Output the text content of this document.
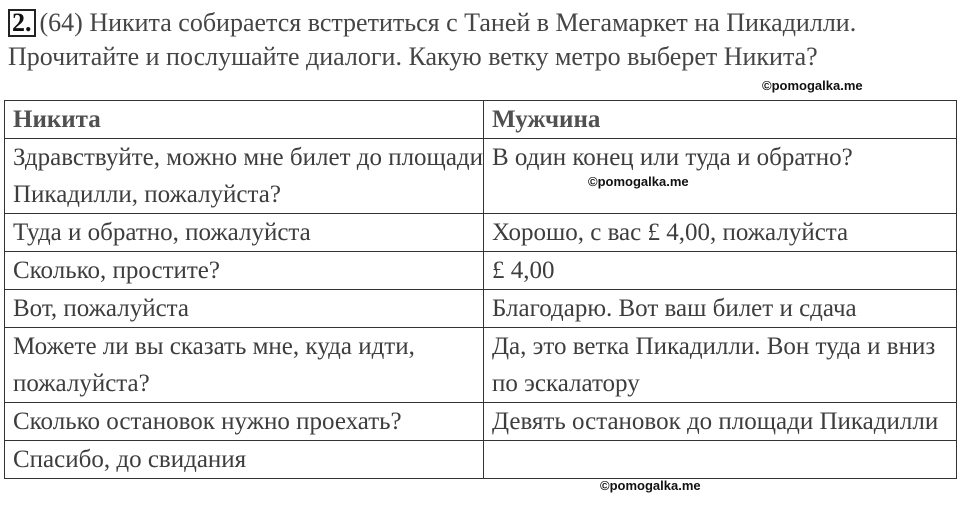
2. (64) Никита собирается встретиться с Таней в Мегамаркет на Пикадилли. Прочитайте и послушайте диалоги. Какую ветку метро выберет Никита?
©pomogalka.me
©pomogalka.me
©pomogalka.me
Никита	Мужчина
Здравствуйте, можно мне билет до площади Пикадилли, пожалуйста?	В один конец или туда и обратно?
Туда и обратно, пожалуйста	Хорошо, с вас £ 4,00, пожалуйста
Сколько, простите?	£ 4,00
Вот, пожалуйста	Благодарю. Вот ваш билет и сдача
Можете ли вы сказать мне, куда идти, пожалуйста?	Да, это ветка Пикадилли. Вон туда и вниз по эскалатору
Сколько остановок нужно проехать?	Девять остановок до площади Пикадилли
Спасибо, до свидания	
